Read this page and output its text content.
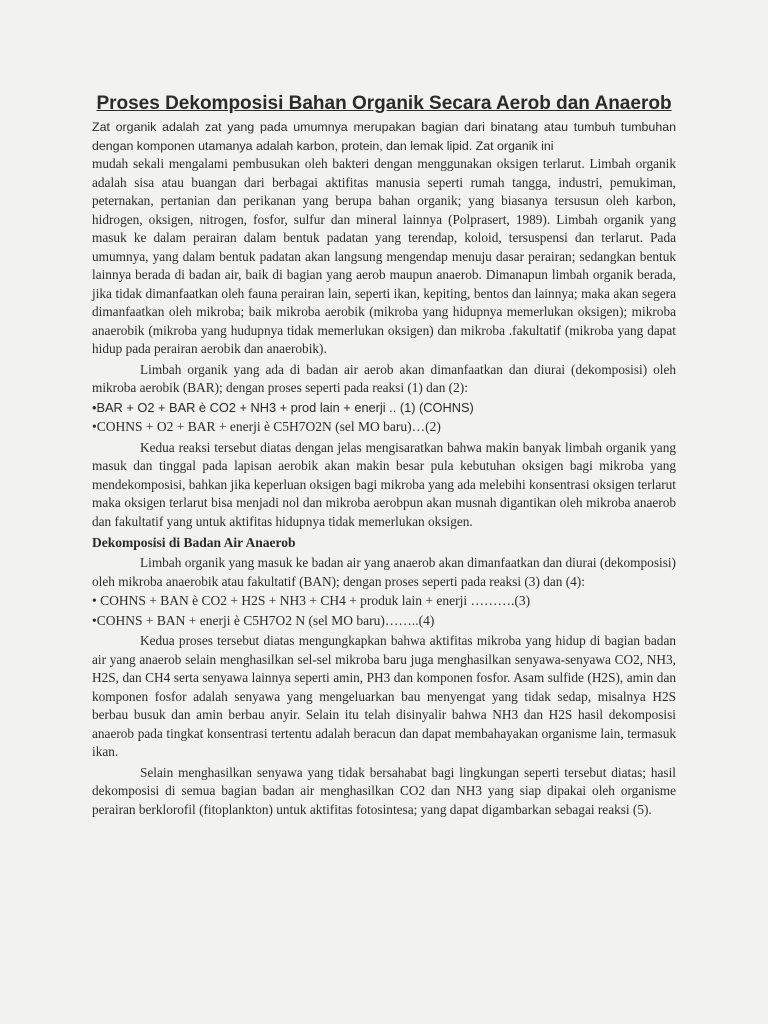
Proses Dekomposisi Bahan Organik Secara Aerob dan Anaerob

Zat organik adalah zat yang pada umumnya merupakan bagian dari binatang atau tumbuh tumbuhan dengan komponen utamanya adalah karbon, protein, dan lemak lipid. Zat organik ini

mudah sekali mengalami pembusukan oleh bakteri dengan menggunakan oksigen terlarut. Limbah organik adalah sisa atau buangan dari berbagai aktifitas manusia seperti rumah tangga, industri, pemukiman, peternakan, pertanian dan perikanan yang berupa bahan organik; yang biasanya tersusun oleh karbon, hidrogen, oksigen, nitrogen, fosfor, sulfur dan mineral lainnya (Polprasert, 1989). Limbah organik yang masuk ke dalam perairan dalam bentuk padatan yang terendap, koloid, tersuspensi dan terlarut. Pada umumnya, yang dalam bentuk padatan akan langsung mengendap menuju dasar perairan; sedangkan bentuk lainnya berada di badan air, baik di bagian yang aerob maupun anaerob. Dimanapun limbah organik berada, jika tidak dimanfaatkan oleh fauna perairan lain, seperti ikan, kepiting, bentos dan lainnya; maka akan segera dimanfaatkan oleh mikroba; baik mikroba aerobik (mikroba yang hidupnya memerlukan oksigen); mikroba anaerobik (mikroba yang hudupnya tidak memerlukan oksigen) dan mikroba .fakultatif (mikroba yang dapat hidup pada perairan aerobik dan anaerobik).

Limbah organik yang ada di badan air aerob akan dimanfaatkan dan diurai (dekomposisi) oleh mikroba aerobik (BAR); dengan proses seperti pada reaksi (1) dan (2):

•BAR + O2 + BAR è CO2 + NH3 + prod lain + enerji .. (1) (COHNS)

•COHNS + O2 + BAR + enerji è C5H7O2N (sel MO baru)…(2)

Kedua reaksi tersebut diatas dengan jelas mengisaratkan bahwa makin banyak limbah organik yang masuk dan tinggal pada lapisan aerobik akan makin besar pula kebutuhan oksigen bagi mikroba yang mendekomposisi, bahkan jika keperluan oksigen bagi mikroba yang ada melebihi konsentrasi oksigen terlarut maka oksigen terlarut bisa menjadi nol dan mikroba aerobpun akan musnah digantikan oleh mikroba anaerob dan fakultatif yang untuk aktifitas hidupnya tidak memerlukan oksigen.

Dekomposisi di Badan Air Anaerob

Limbah organik yang masuk ke badan air yang anaerob akan dimanfaatkan dan diurai (dekomposisi) oleh mikroba anaerobik atau fakultatif (BAN); dengan proses seperti pada reaksi (3) dan (4):

• COHNS + BAN è CO2 + H2S + NH3 + CH4 + produk lain + enerji ……….(3)

•COHNS + BAN + enerji è C5H7O2 N (sel MO baru)……..(4)

Kedua proses tersebut diatas mengungkapkan bahwa aktifitas mikroba yang hidup di bagian badan air yang anaerob selain menghasilkan sel-sel mikroba baru juga menghasilkan senyawa-senyawa CO2, NH3, H2S, dan CH4 serta senyawa lainnya seperti amin, PH3 dan komponen fosfor. Asam sulfide (H2S), amin dan komponen fosfor adalah senyawa yang mengeluarkan bau menyengat yang tidak sedap, misalnya H2S berbau busuk dan amin berbau anyir. Selain itu telah disinyalir bahwa NH3 dan H2S hasil dekomposisi anaerob pada tingkat konsentrasi tertentu adalah beracun dan dapat membahayakan organisme lain, termasuk ikan.

Selain menghasilkan senyawa yang tidak bersahabat bagi lingkungan seperti tersebut diatas; hasil dekomposisi di semua bagian badan air menghasilkan CO2 dan NH3 yang siap dipakai oleh organisme perairan berklorofil (fitoplankton) untuk aktifitas fotosintesa; yang dapat digambarkan sebagai reaksi (5).
